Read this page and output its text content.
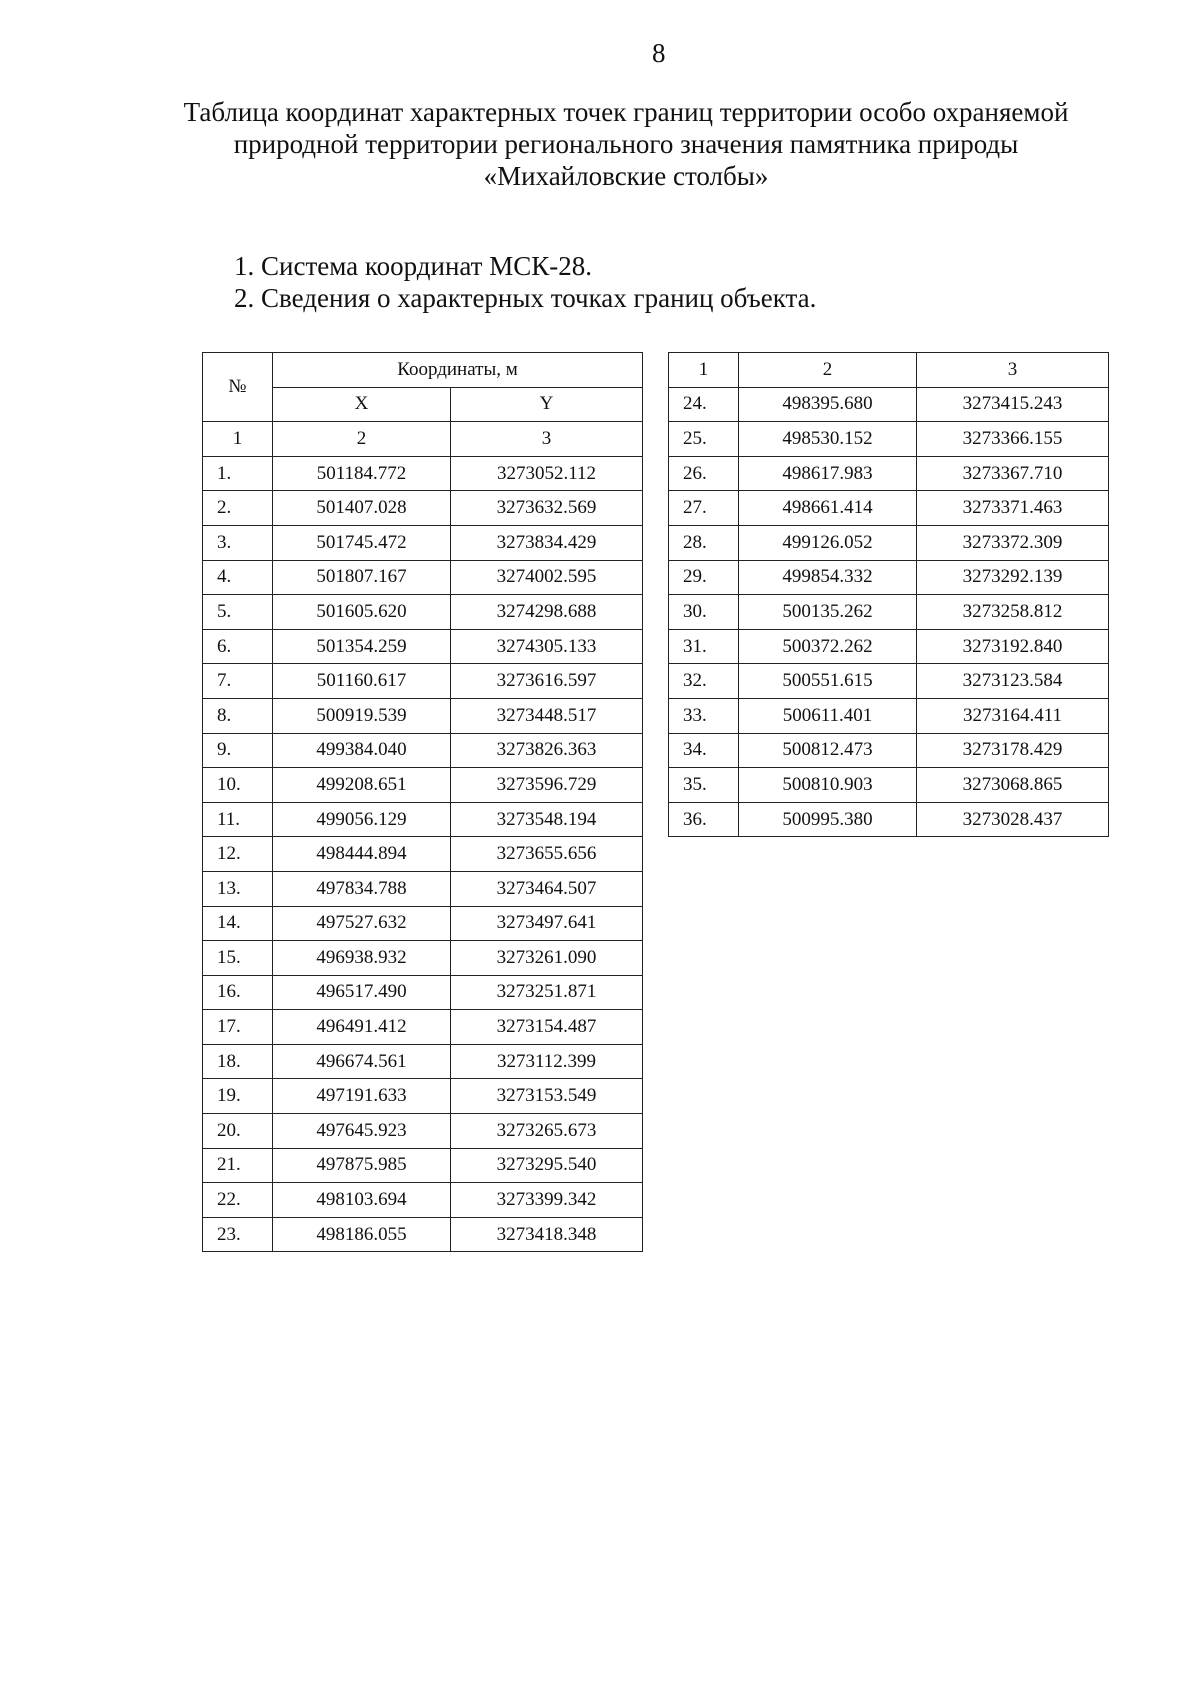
8
Таблица координат характерных точек границ территории особо охраняемой
природной территории регионального значения памятника природы
«Михайловские столбы»
1. Система координат МСК-28.
2. Сведения о характерных точках границ объекта.
№	Координаты, м	
	X	Y
1	2	3
1.	501184.772	3273052.112
2.	501407.028	3273632.569
3.	501745.472	3273834.429
4.	501807.167	3274002.595
5.	501605.620	3274298.688
6.	501354.259	3274305.133
7.	501160.617	3273616.597
8.	500919.539	3273448.517
9.	499384.040	3273826.363
10.	499208.651	3273596.729
11.	499056.129	3273548.194
12.	498444.894	3273655.656
13.	497834.788	3273464.507
14.	497527.632	3273497.641
15.	496938.932	3273261.090
16.	496517.490	3273251.871
17.	496491.412	3273154.487
18.	496674.561	3273112.399
19.	497191.633	3273153.549
20.	497645.923	3273265.673
21.	497875.985	3273295.540
22.	498103.694	3273399.342
23.	498186.055	3273418.348
1	2	3
24.	498395.680	3273415.243
25.	498530.152	3273366.155
26.	498617.983	3273367.710
27.	498661.414	3273371.463
28.	499126.052	3273372.309
29.	499854.332	3273292.139
30.	500135.262	3273258.812
31.	500372.262	3273192.840
32.	500551.615	3273123.584
33.	500611.401	3273164.411
34.	500812.473	3273178.429
35.	500810.903	3273068.865
36.	500995.380	3273028.437
